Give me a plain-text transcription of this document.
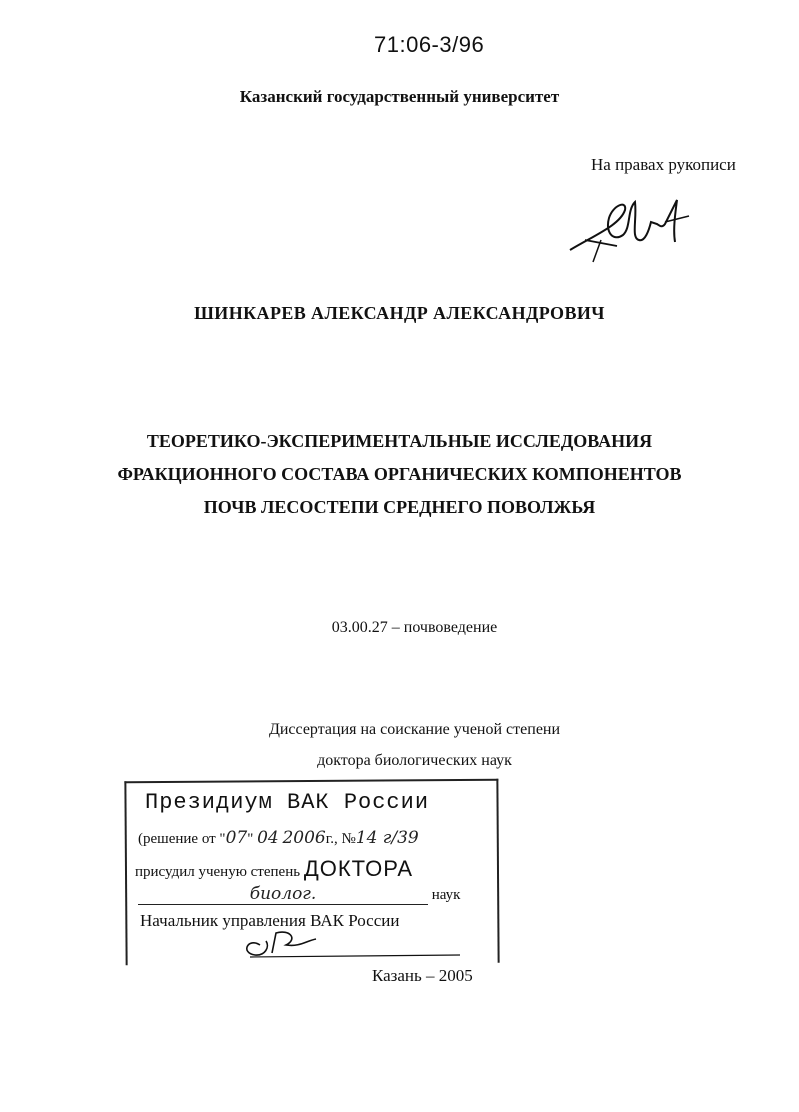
71:06-3/96
Казанский государственный университет
На правах рукописи
ШИНКАРЕВ АЛЕКСАНДР АЛЕКСАНДРОВИЧ
ТЕОРЕТИКО-ЭКСПЕРИМЕНТАЛЬНЫЕ ИССЛЕДОВАНИЯ
ФРАКЦИОННОГО СОСТАВА ОРГАНИЧЕСКИХ КОМПОНЕНТОВ
ПОЧВ ЛЕСОСТЕПИ СРЕДНЕГО ПОВОЛЖЬЯ
03.00.27 – почвоведение
Диссертация на соискание ученой степени
доктора биологических наук
Президиум ВАК России
(решение от "07" 04 2006г., №14 г/39
присудил ученую степень ДОКТОРА
биолог.	наук
Начальник управления ВАК России
Казань – 2005
